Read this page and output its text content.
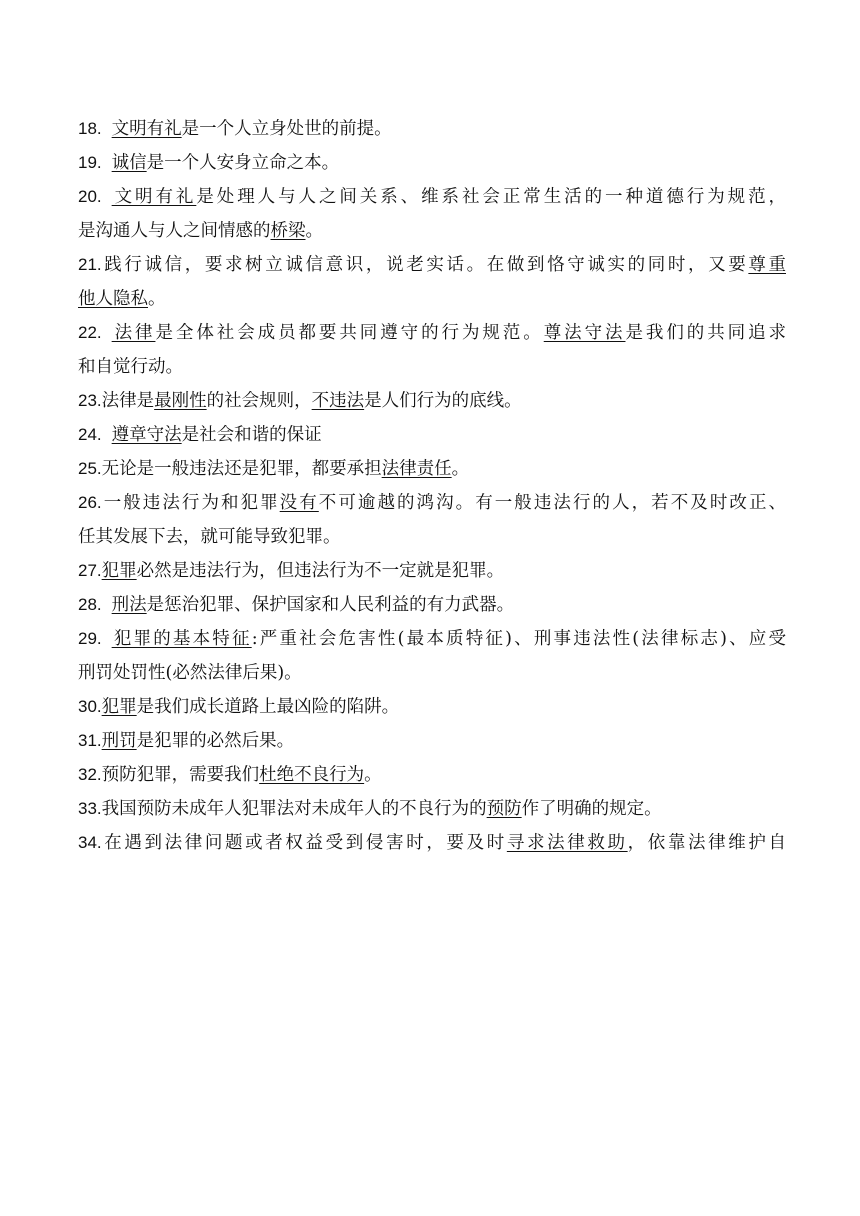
18. 文明有礼是一个人立身处世的前提。
19. 诚信是一个人安身立命之本。
20. 文明有礼是处理人与人之间关系、维系社会正常生活的一种道德行为规范，
是沟通人与人之间情感的桥梁。
21.践行诚信，要求树立诚信意识，说老实话。在做到恪守诚实的同时，又要尊重
他人隐私。
22. 法律是全体社会成员都要共同遵守的行为规范。尊法守法是我们的共同追求
和自觉行动。
23.法律是最刚性的社会规则，不违法是人们行为的底线。
24. 遵章守法是社会和谐的保证
25.无论是一般违法还是犯罪，都要承担法律责任。
26.一般违法行为和犯罪没有不可逾越的鸿沟。有一般违法行的人，若不及时改正、
任其发展下去，就可能导致犯罪。
27.犯罪必然是违法行为，但违法行为不一定就是犯罪。
28. 刑法是惩治犯罪、保护国家和人民利益的有力武器。
29. 犯罪的基本特征:严重社会危害性(最本质特征)、刑事违法性(法律标志)、应受
刑罚处罚性(必然法律后果)。
30.犯罪是我们成长道路上最凶险的陷阱。
31.刑罚是犯罪的必然后果。
32.预防犯罪，需要我们杜绝不良行为。
33.我国预防未成年人犯罪法对未成年人的不良行为的预防作了明确的规定。
34.在遇到法律问题或者权益受到侵害时，要及时寻求法律救助，依靠法律维护自
